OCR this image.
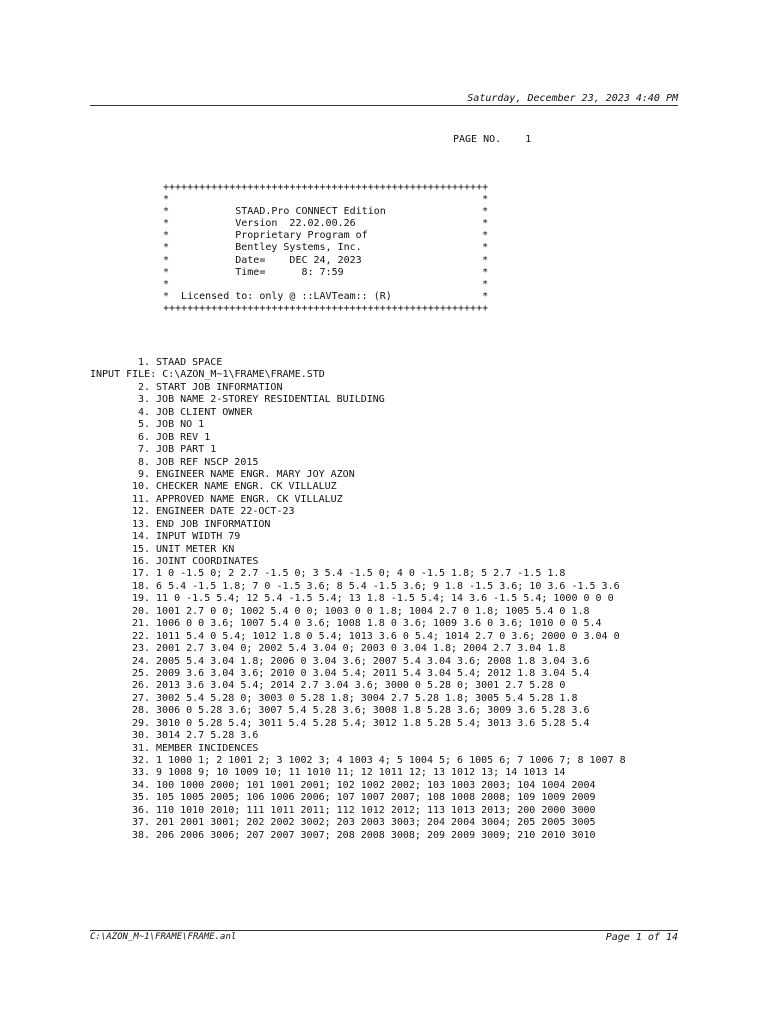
Saturday, December 23, 2023 4:40 PM
PAGE NO. 1
++++++++++++++++++++++++++++++++++++++++++++++++++++++
*                                                    *
*           STAAD.Pro CONNECT Edition                *
*           Version  22.02.00.26                     *
*           Proprietary Program of                   *
*           Bentley Systems, Inc.                    *
*           Date=    DEC 24, 2023                    *
*           Time=      8: 7:59                       *
*                                                    *
*  Licensed to: only @ ::LAVTeam:: (R)               *
++++++++++++++++++++++++++++++++++++++++++++++++++++++
1. STAAD SPACE
INPUT FILE: C:\AZON_M~1\FRAME\FRAME.STD
2. START JOB INFORMATION
3. JOB NAME 2-STOREY RESIDENTIAL BUILDING
4. JOB CLIENT OWNER
5. JOB NO 1
6. JOB REV 1
7. JOB PART 1
8. JOB REF NSCP 2015
9. ENGINEER NAME ENGR. MARY JOY AZON
10. CHECKER NAME ENGR. CK VILLALUZ
11. APPROVED NAME ENGR. CK VILLALUZ
12. ENGINEER DATE 22-OCT-23
13. END JOB INFORMATION
14. INPUT WIDTH 79
15. UNIT METER KN
16. JOINT COORDINATES
17. 1 0 -1.5 0; 2 2.7 -1.5 0; 3 5.4 -1.5 0; 4 0 -1.5 1.8; 5 2.7 -1.5 1.8
18. 6 5.4 -1.5 1.8; 7 0 -1.5 3.6; 8 5.4 -1.5 3.6; 9 1.8 -1.5 3.6; 10 3.6 -1.5 3.6
19. 11 0 -1.5 5.4; 12 5.4 -1.5 5.4; 13 1.8 -1.5 5.4; 14 3.6 -1.5 5.4; 1000 0 0 0
20. 1001 2.7 0 0; 1002 5.4 0 0; 1003 0 0 1.8; 1004 2.7 0 1.8; 1005 5.4 0 1.8
21. 1006 0 0 3.6; 1007 5.4 0 3.6; 1008 1.8 0 3.6; 1009 3.6 0 3.6; 1010 0 0 5.4
22. 1011 5.4 0 5.4; 1012 1.8 0 5.4; 1013 3.6 0 5.4; 1014 2.7 0 3.6; 2000 0 3.04 0
23. 2001 2.7 3.04 0; 2002 5.4 3.04 0; 2003 0 3.04 1.8; 2004 2.7 3.04 1.8
24. 2005 5.4 3.04 1.8; 2006 0 3.04 3.6; 2007 5.4 3.04 3.6; 2008 1.8 3.04 3.6
25. 2009 3.6 3.04 3.6; 2010 0 3.04 5.4; 2011 5.4 3.04 5.4; 2012 1.8 3.04 5.4
26. 2013 3.6 3.04 5.4; 2014 2.7 3.04 3.6; 3000 0 5.28 0; 3001 2.7 5.28 0
27. 3002 5.4 5.28 0; 3003 0 5.28 1.8; 3004 2.7 5.28 1.8; 3005 5.4 5.28 1.8
28. 3006 0 5.28 3.6; 3007 5.4 5.28 3.6; 3008 1.8 5.28 3.6; 3009 3.6 5.28 3.6
29. 3010 0 5.28 5.4; 3011 5.4 5.28 5.4; 3012 1.8 5.28 5.4; 3013 3.6 5.28 5.4
30. 3014 2.7 5.28 3.6
31. MEMBER INCIDENCES
32. 1 1000 1; 2 1001 2; 3 1002 3; 4 1003 4; 5 1004 5; 6 1005 6; 7 1006 7; 8 1007 8
33. 9 1008 9; 10 1009 10; 11 1010 11; 12 1011 12; 13 1012 13; 14 1013 14
34. 100 1000 2000; 101 1001 2001; 102 1002 2002; 103 1003 2003; 104 1004 2004
35. 105 1005 2005; 106 1006 2006; 107 1007 2007; 108 1008 2008; 109 1009 2009
36. 110 1010 2010; 111 1011 2011; 112 1012 2012; 113 1013 2013; 200 2000 3000
37. 201 2001 3001; 202 2002 3002; 203 2003 3003; 204 2004 3004; 205 2005 3005
38. 206 2006 3006; 207 2007 3007; 208 2008 3008; 209 2009 3009; 210 2010 3010
C:\AZON_M~1\FRAME\FRAME.anl	Page 1 of 14
